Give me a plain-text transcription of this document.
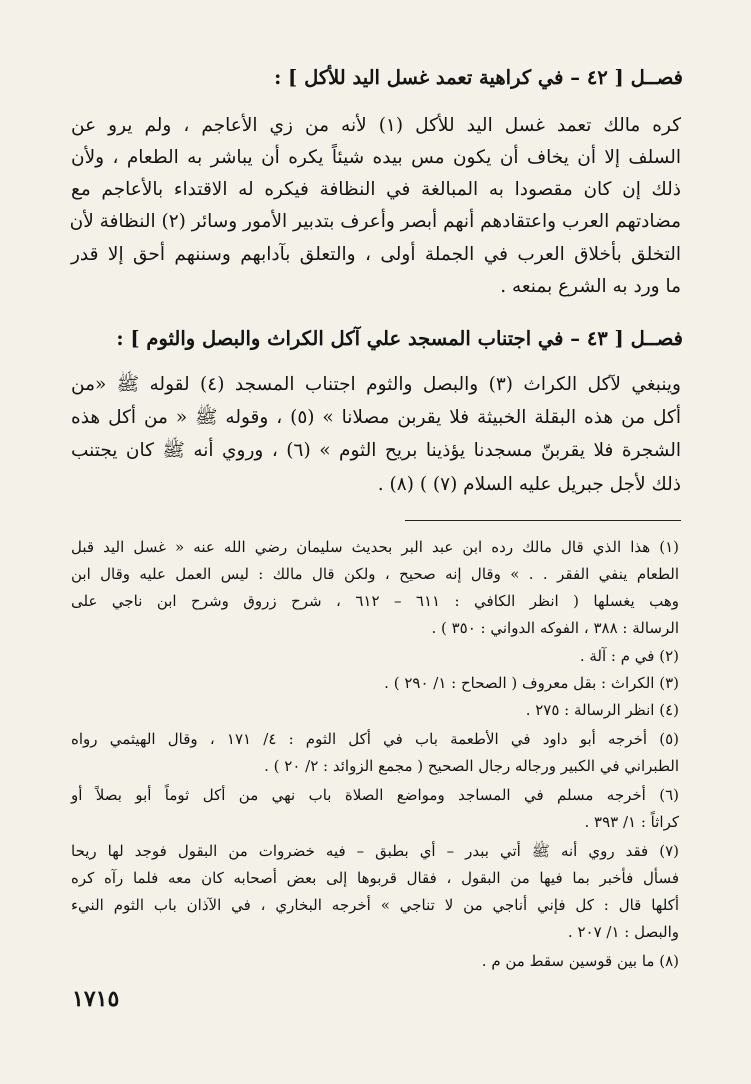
فصــل [ ٤٢ – في كراهية تعمد غسل اليد للأكل ] :
كره مالك تعمد غسل اليد للأكل (١) لأنه من زي الأعاجم ، ولم يرو عن
السلف إلا أن يخاف أن يكون مس بيده شيئاً يكره أن يباشر به الطعام ، ولأن
ذلك إن كان مقصودا به المبالغة في النظافة فيكره له الاقتداء بالأعاجم مع
مضادتهم العرب واعتقادهم أنهم أبصر وأعرف بتدبير الأمور وسائر (٢) النظافة لأن
التخلق بأخلاق العرب في الجملة أولى ، والتعلق بآدابهم وسننهم أحق إلا قدر
ما ورد به الشرع بمنعه .
فصــل [ ٤٣ – في اجتناب المسجد علي آكل الكراث والبصل والثوم ] :
وينبغي لآكل الكراث (٣) والبصل والثوم اجتناب المسجد (٤) لقوله ﷺ «من
أكل من هذه البقلة الخبيثة فلا يقربن مصلانا » (٥) ، وقوله ﷺ « من أكل هذه
الشجرة فلا يقربنّ مسجدنا يؤذينا بريح الثوم » (٦) ، وروي أنه ﷺ كان يجتنب
ذلك لأجل جبريل عليه السلام (٧) ) (٨) .
(١) هذا الذي قال مالك رده ابن عبد البر بحديث سليمان رضي الله عنه « غسل اليد قبل
الطعام ينفي الفقر . . » وقال إنه صحيح ، ولكن قال مالك : ليس العمل عليه وقال ابن
وهب يغسلها ( انظر الكافي : ٦١١ – ٦١٢ ، شرح زروق وشرح ابن ناجي على
الرسالة : ٣٨٨ ، الفوكه الدواني : ٣٥٠ ) .
(٢) في م : آلة .
(٣) الكراث : بقل معروف ( الصحاح : ١/ ٢٩٠ ) .
(٤) انظر الرسالة : ٢٧٥ .
(٥) أخرجه أبو داود في الأطعمة باب في أكل الثوم : ٤/ ١٧١ ، وقال الهيثمي رواه
الطبراني في الكبير ورجاله رجال الصحيح ( مجمع الزوائد : ٢/ ٢٠ ) .
(٦) أخرجه مسلم في المساجد ومواضع الصلاة باب نهي من أكل ثوماً أبو بصلاً أو
كراثاً : ١/ ٣٩٣ .
(٧) فقد روي أنه ﷺ أتي ببدر – أي بطبق – فيه خضروات من البقول فوجد لها ريحا
فسأل فأخبر بما فيها من البقول ، فقال قربوها إلى بعض أصحابه كان معه فلما رآه كره
أكلها قال : كل فإني أناجي من لا تناجي » أخرجه البخاري ، في الآذان باب الثوم النيء
والبصل : ١/ ٢٠٧ .
(٨) ما بين قوسين سقط من م .
١٧١٥
